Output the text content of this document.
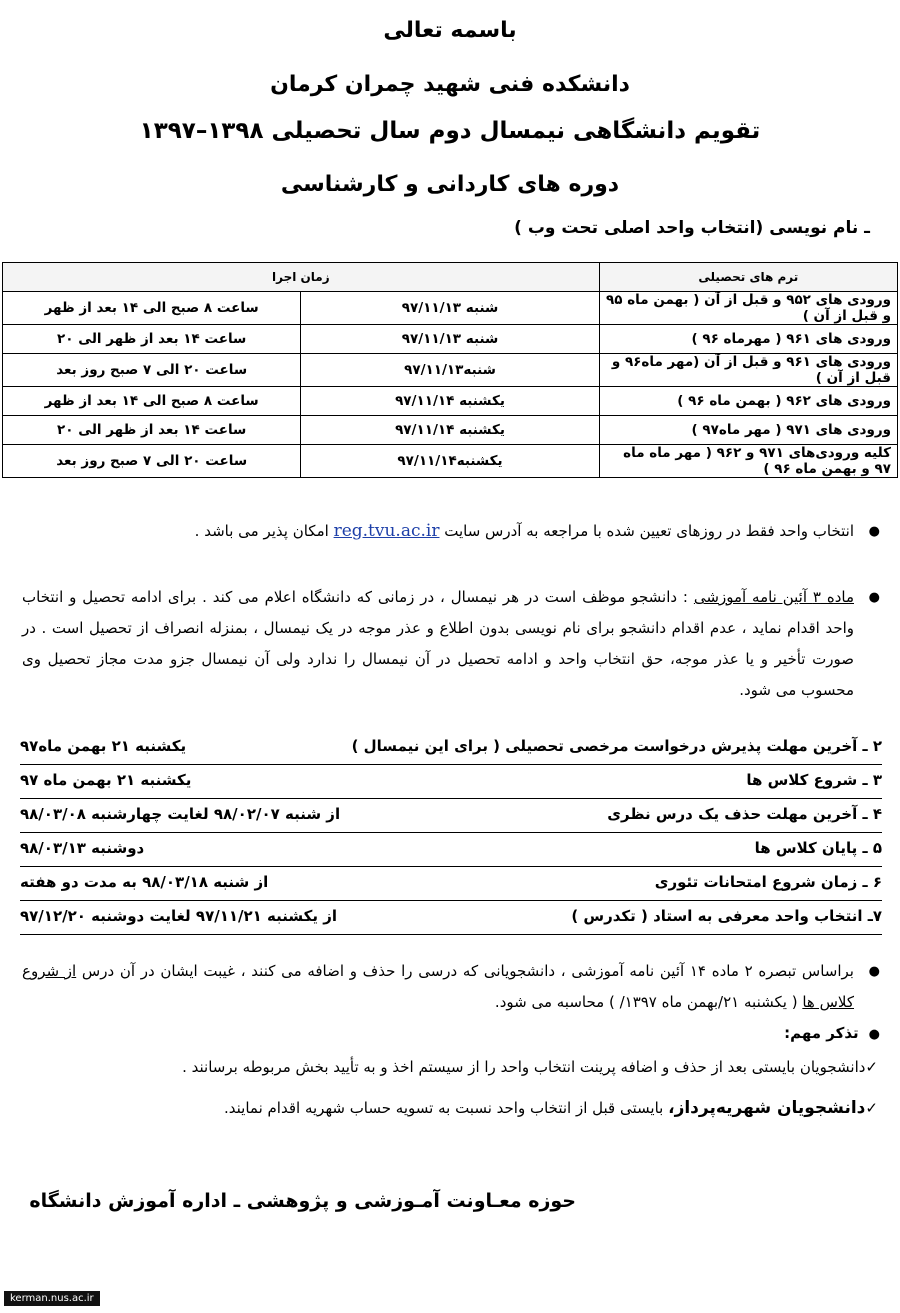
باسمه تعالی
دانشکده فنی شهید چمران کرمان
تقویم دانشگاهی نیمسال دوم سال تحصیلی ۱۳۹۸–۱۳۹۷
دوره های کاردانی و کارشناسی
ـ نام نویسی (انتخاب واحد اصلی تحت وب )
ترم های تحصیلی	زمان اجرا	
ورودی های ۹۵۲ و قبل از آن ( بهمن ماه ۹۵ و قبل از آن )	شنبه ۹۷/۱۱/۱۳	ساعت ۸ صبح الی ۱۴ بعد از ظهر
ورودی های ۹۶۱ ( مهرماه ۹۶ )	شنبه ۹۷/۱۱/۱۳	ساعت ۱۴ بعد از ظهر الی ۲۰
ورودی های ۹۶۱ و قبل از آن (مهر ماه۹۶ و قبل از آن )	شنبه۹۷/۱۱/۱۳	ساعت ۲۰ الی ۷ صبح روز بعد
ورودی های ۹۶۲ ( بهمن ماه ۹۶ )	یکشنبه ۹۷/۱۱/۱۴	ساعت ۸ صبح الی ۱۴ بعد از ظهر
ورودی های ۹۷۱ ( مهر ماه۹۷ )	یکشنبه ۹۷/۱۱/۱۴	ساعت ۱۴ بعد از ظهر الی ۲۰
کلیه ورودی‌های ۹۷۱ و ۹۶۲ ( مهر ماه ماه ۹۷ و بهمن ماه ۹۶ )	یکشنبه۹۷/۱۱/۱۴	ساعت ۲۰ الی ۷ صبح روز بعد
●
انتخاب واحد فقط در روزهای تعیین شده با مراجعه به آدرس سایت reg.tvu.ac.ir امکان پذیر می باشد .
●
ماده ۳ آئین نامه آموزشی : دانشجو موظف است در هر نیمسال ، در زمانی که دانشگاه اعلام می کند . برای ادامه تحصیل و انتخاب واحد اقدام نماید ، عدم اقدام دانشجو برای نام نویسی بدون اطلاع و عذر موجه در یک نیمسال ، بمنزله انصراف از تحصیل است . در صورت تأخیر و یا عذر موجه، حق انتخاب واحد و ادامه تحصیل در آن نیمسال را ندارد ولی آن نیمسال جزو مدت مجاز تحصیل وی محسوب می شود.
۲ ـ آخرین مهلت پذیرش درخواست مرخصی تحصیلی ( برای این نیمسال )
یکشنبه ۲۱ بهمن ماه۹۷
۳ ـ شروع کلاس ها
یکشنبه ۲۱ بهمن ماه ۹۷
۴ ـ آخرین مهلت حذف یک درس نظری
از شنبه ۹۸/۰۲/۰۷ لغایت چهارشنبه ۹۸/۰۳/۰۸
۵ ـ پایان کلاس ها
دوشنبه ۹۸/۰۳/۱۳
۶ ـ زمان شروع امتحانات تئوری
از شنبه ۹۸/۰۳/۱۸ به مدت دو هفته
۷ـ انتخاب واحد معرفی به استاد ( تکدرس )
از یکشنبه ۹۷/۱۱/۲۱ لغایت دوشنبه ۹۷/۱۲/۲۰
●
براساس تبصره ۲ ماده ۱۴ آئین نامه آموزشی ، دانشجویانی که درسی را حذف و اضافه می کنند ، غیبت ایشان در آن درس از شروع کلاس ها ( یکشنبه ۲۱/بهمن ماه ۱۳۹۷/ ) محاسبه می شود.
●تذکر مهم:
✓دانشجویان بایستی بعد از حذف و اضافه پرینت انتخاب واحد را از سیستم اخذ و به تأیید بخش مربوطه برسانند .
✓دانشجویان شهریه‌پرداز، بایستی قبل از انتخاب واحد نسبت به تسویه حساب شهریه اقدام نمایند.
حوزه معـاونت آمـوزشی و پژوهشی ـ اداره آموزش دانشگاه
kerman.nus.ac.ir
